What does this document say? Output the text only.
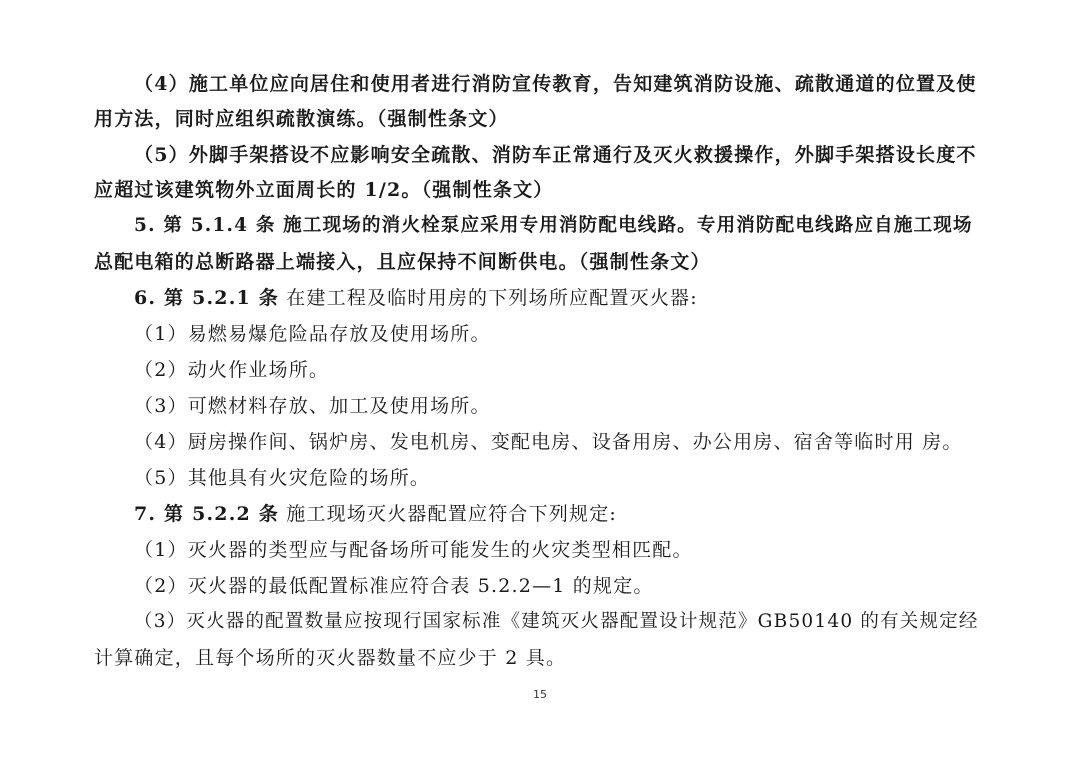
（4）施工单位应向居住和使用者进行消防宣传教育，告知建筑消防设施、疏散通道的位置及使
用方法，同时应组织疏散演练。（强制性条文）
（5）外脚手架搭设不应影响安全疏散、消防车正常通行及灭火救援操作，外脚手架搭设长度不
应超过该建筑物外立面周长的 1/2。（强制性条文）
5. 第 5.1.4 条 施工现场的消火栓泵应采用专用消防配电线路。专用消防配电线路应自施工现场
总配电箱的总断路器上端接入，且应保持不间断供电。（强制性条文）
6. 第 5.2.1 条 在建工程及临时用房的下列场所应配置灭火器:
（1）易燃易爆危险品存放及使用场所。
（2）动火作业场所。
（3）可燃材料存放、加工及使用场所。
（4）厨房操作间、锅炉房、发电机房、变配电房、设备用房、办公用房、宿舍等临时用 房。
（5）其他具有火灾危险的场所。
7. 第 5.2.2 条 施工现场灭火器配置应符合下列规定:
（1）灭火器的类型应与配备场所可能发生的火灾类型相匹配。
（2）灭火器的最低配置标准应符合表 5.2.2—1 的规定。
（3）灭火器的配置数量应按现行国家标准《建筑灭火器配置设计规范》GB50140 的有关规定经
计算确定，且每个场所的灭火器数量不应少于 2 具。
15
